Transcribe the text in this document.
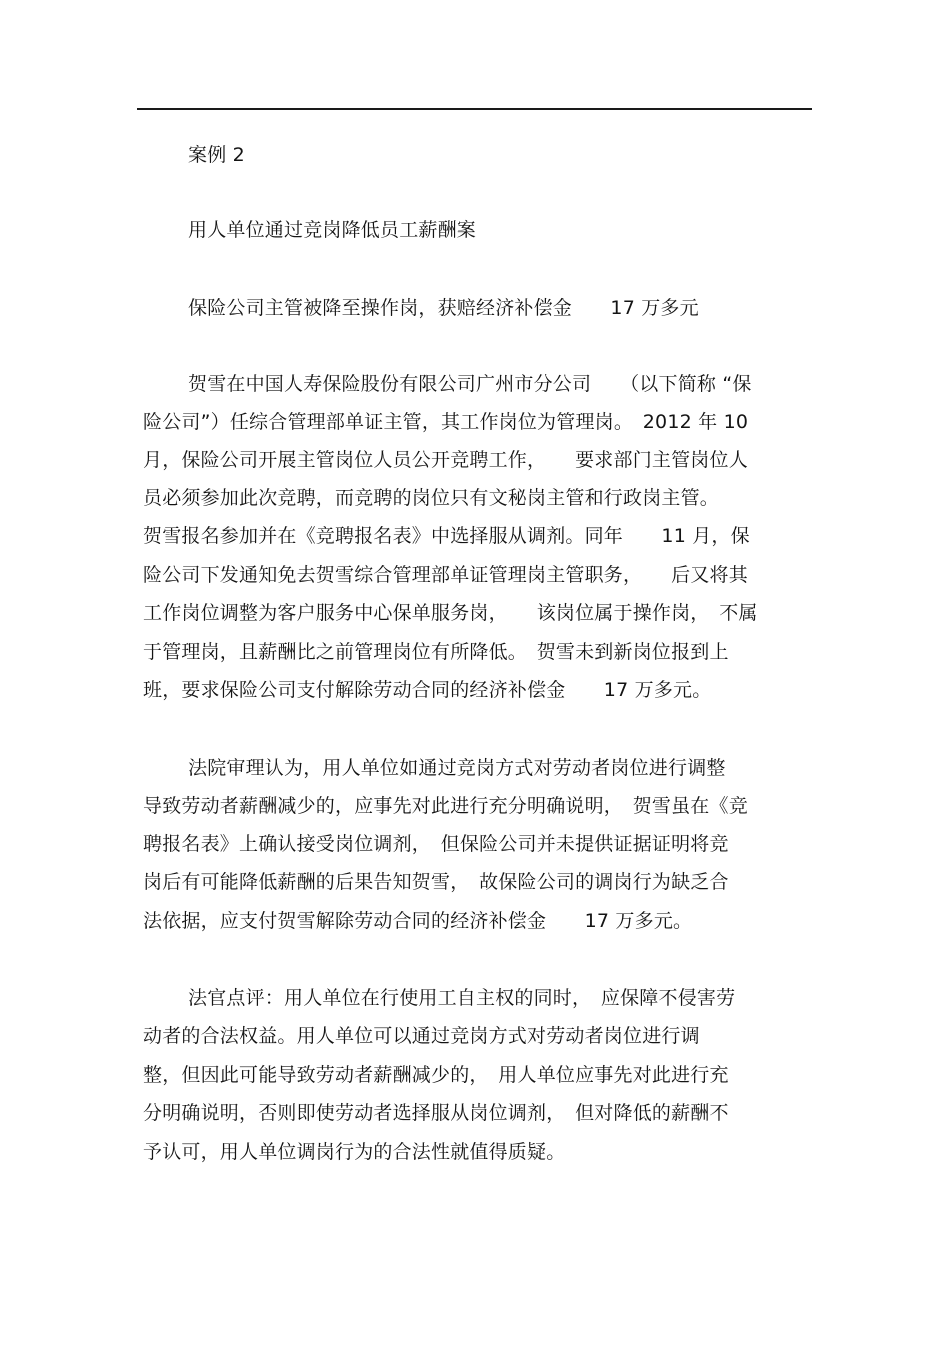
案例 2
用人单位通过竞岗降低员工薪酬案
保险公司主管被降至操作岗，获赔经济补偿金　　17 万多元
贺雪在中国人寿保险股份有限公司广州市分公司　　（以下简称 “保
险公司”）任综合管理部单证主管，其工作岗位为管理岗。　2012 年 10
月，保险公司开展主管岗位人员公开竞聘工作，　　要求部门主管岗位人
员必须参加此次竞聘，而竞聘的岗位只有文秘岗主管和行政岗主管。
贺雪报名参加并在《竞聘报名表》中选择服从调剂。同年　　11 月，保
险公司下发通知免去贺雪综合管理部单证管理岗主管职务，　　后又将其
工作岗位调整为客户服务中心保单服务岗，　　该岗位属于操作岗，　不属
于管理岗，且薪酬比之前管理岗位有所降低。　贺雪未到新岗位报到上
班，要求保险公司支付解除劳动合同的经济补偿金　　17 万多元。
法院审理认为，用人单位如通过竞岗方式对劳动者岗位进行调整
导致劳动者薪酬减少的，应事先对此进行充分明确说明，　贺雪虽在《竞
聘报名表》上确认接受岗位调剂，　但保险公司并未提供证据证明将竞
岗后有可能降低薪酬的后果告知贺雪，　故保险公司的调岗行为缺乏合
法依据，应支付贺雪解除劳动合同的经济补偿金　　17 万多元。
法官点评：用人单位在行使用工自主权的同时，　应保障不侵害劳
动者的合法权益。用人单位可以通过竞岗方式对劳动者岗位进行调
整，但因此可能导致劳动者薪酬减少的，　用人单位应事先对此进行充
分明确说明，否则即使劳动者选择服从岗位调剂，　但对降低的薪酬不
予认可，用人单位调岗行为的合法性就值得质疑。
